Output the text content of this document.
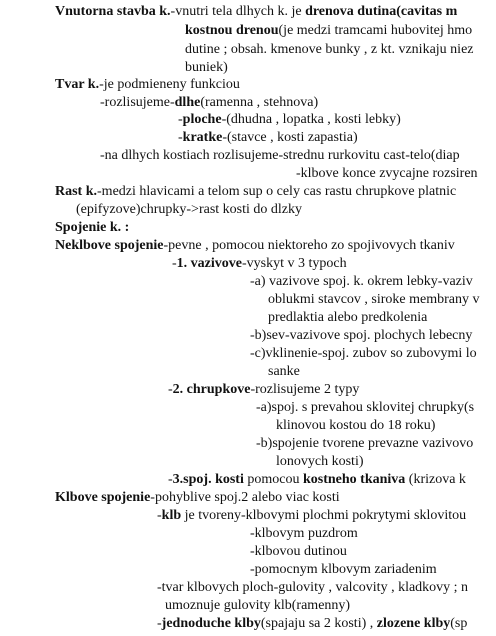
Vnutorna stavba k.-vnutri tela dlhych k. je drenova dutina(cavitas m
kostnou drenou(je medzi tramcami hubovitej hmo
dutine ; obsah. kmenove bunky , z kt. vznikaju niez
buniek)
Tvar k.-je podmieneny funkciou
-rozlisujeme-dlhe(ramenna , stehnova)
-ploche-(dhudna , lopatka , kosti lebky)
-kratke-(stavce , kosti zapastia)
-na dlhych kostiach rozlisujeme-strednu rurkovitu cast-telo(diap
-klbove konce zvycajne rozsiren
Rast k.-medzi hlavicami a telom sup o cely cas rastu chrupkove platnic
(epifyzove)chrupky->rast kosti do dlzky
Spojenie k. :
Neklbove spojenie-pevne , pomocou niektoreho zo spojivovych tkaniv
-1. vazivove-vyskyt v 3 typoch
-a) vazivove spoj. k. okrem lebky-vaziv
oblukmi stavcov , siroke membrany v
predlaktia alebo predkolenia
-b)sev-vazivove spoj. plochych lebecny
-c)vklinenie-spoj. zubov so zubovymi lo
sanke
-2. chrupkove-rozlisujeme 2 typy
-a)spoj. s prevahou sklovitej chrupky(s
klinovou kostou do 18 roku)
-b)spojenie tvorene prevazne vazivovo
lonovych kosti)
-3.spoj. kosti pomocou kostneho tkaniva (krizova k
Klbove spojenie-pohyblive spoj.2 alebo viac kosti
-klb je tvoreny-klbovymi plochmi pokrytymi sklovitou
-klbovym puzdrom
-klbovou dutinou
-pomocnym klbovym zariadenim
-tvar klbovych ploch-gulovity , valcovity , kladkovy ; n
umoznuje gulovity klb(ramenny)
-jednoduche klby(spajaju sa 2 kosti) , zlozene klby(sp
